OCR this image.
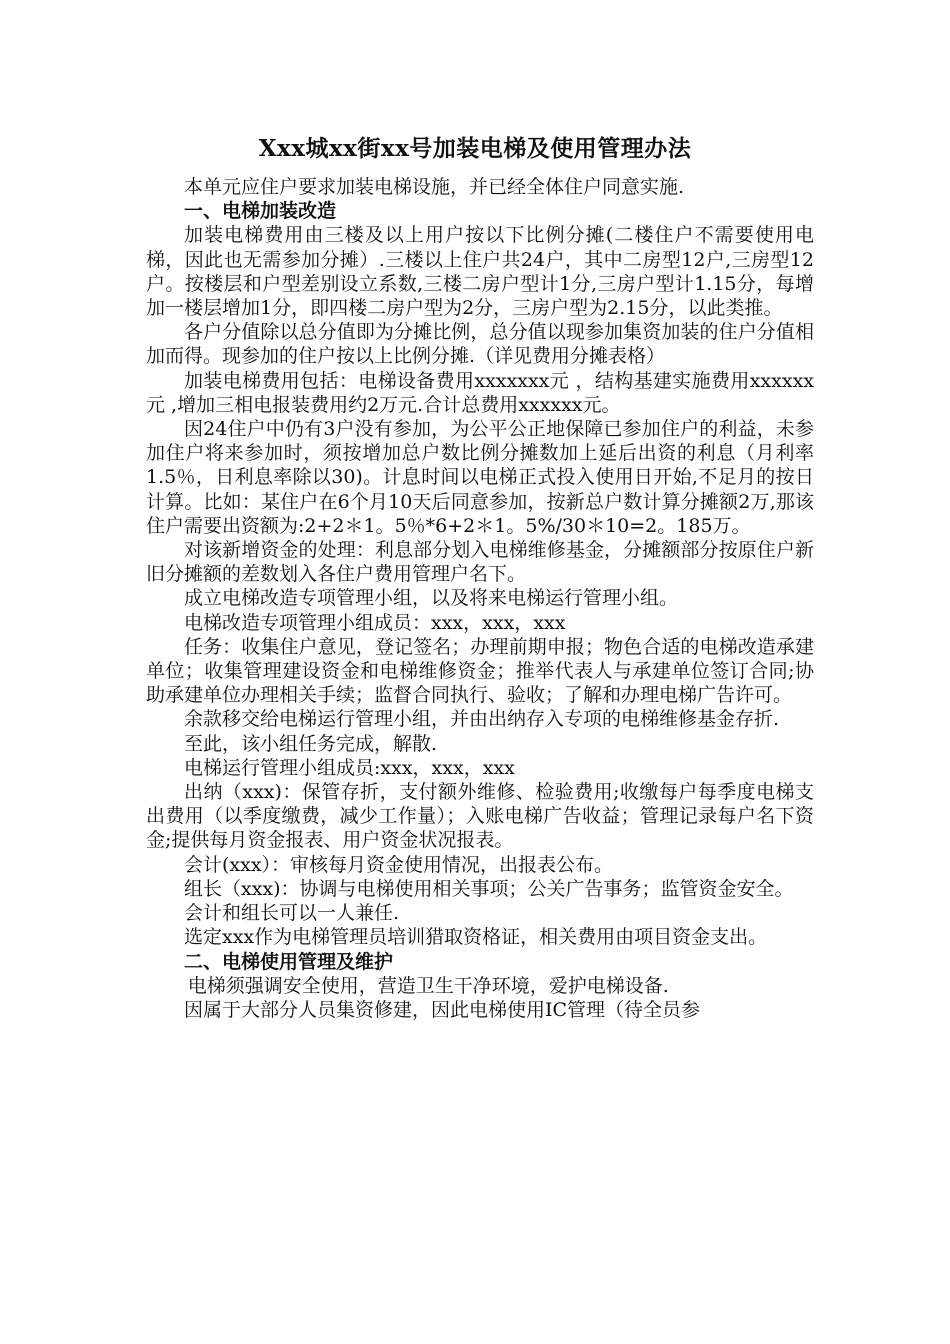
Xxx城xx街xx号加装电梯及使用管理办法

本单元应住户要求加装电梯设施，并已经全体住户同意实施.

一、电梯加装改造

加装电梯费用由三楼及以上用户按以下比例分摊(二楼住户不需要使用电梯，因此也无需参加分摊）.三楼以上住户共24户，其中二房型12户,三房型12户。按楼层和户型差别设立系数,三楼二房户型计1分,三房户型计1.15分，每增加一楼层增加1分，即四楼二房户型为2分，三房户型为2.15分，以此类推。

各户分值除以总分值即为分摊比例，总分值以现参加集资加装的住户分值相加而得。现参加的住户按以上比例分摊.（详见费用分摊表格）

加装电梯费用包括：电梯设备费用xxxxxxx元 ，结构基建实施费用xxxxxx元 ,增加三相电报装费用约2万元.合计总费用xxxxxx元。

因24住户中仍有3户没有参加，为公平公正地保障已参加住户的利益，未参加住户将来参加时，须按增加总户数比例分摊数加上延后出资的利息（月利率1.5％，日利息率除以30)。计息时间以电梯正式投入使用日开始,不足月的按日计算。比如：某住户在6个月10天后同意参加，按新总户数计算分摊额2万,那该住户需要出资额为:2+2＊1。5％*6+2＊1。5%/30＊10=2。185万。

对该新增资金的处理：利息部分划入电梯维修基金，分摊额部分按原住户新旧分摊额的差数划入各住户费用管理户名下。

成立电梯改造专项管理小组，以及将来电梯运行管理小组。

电梯改造专项管理小组成员：xxx，xxx，xxx

任务：收集住户意见，登记签名；办理前期申报；物色合适的电梯改造承建单位；收集管理建设资金和电梯维修资金；推举代表人与承建单位签订合同;协助承建单位办理相关手续；监督合同执行、验收；了解和办理电梯广告许可。

余款移交给电梯运行管理小组，并由出纳存入专项的电梯维修基金存折.

至此，该小组任务完成，解散.

电梯运行管理小组成员:xxx，xxx，xxx

出纳（xxx)：保管存折，支付额外维修、检验费用;收缴每户每季度电梯支出费用（以季度缴费，减少工作量）；入账电梯广告收益；管理记录每户名下资金;提供每月资金报表、用户资金状况报表。

会计(xxx）：审核每月资金使用情况，出报表公布。

组长（xxx)：协调与电梯使用相关事项；公关广告事务；监管资金安全。

会计和组长可以一人兼任.

选定xxx作为电梯管理员培训猎取资格证，相关费用由项目资金支出。

二、电梯使用管理及维护

电梯须强调安全使用，营造卫生干净环境，爱护电梯设备.

因属于大部分人员集资修建，因此电梯使用IC管理（待全员参
